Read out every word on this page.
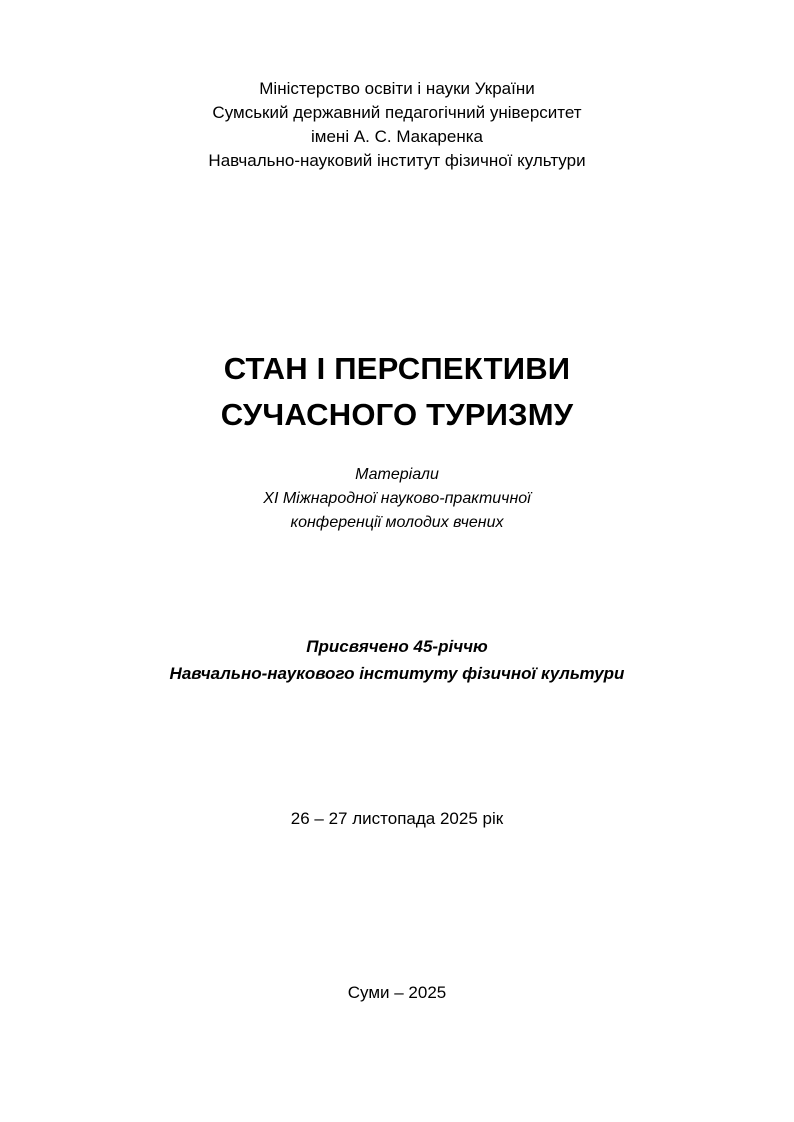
Міністерство освіти і науки України
Сумський державний педагогічний університет
імені А. С. Макаренка
Навчально-науковий інститут фізичної культури
СТАН І ПЕРСПЕКТИВИ
СУЧАСНОГО ТУРИЗМУ
Матеріали
XI Міжнародної науково-практичної
конференції молодих вчених
Присвячено 45-річчю
Навчально-наукового інституту фізичної культури
26 – 27 листопада 2025 рік
Суми – 2025
